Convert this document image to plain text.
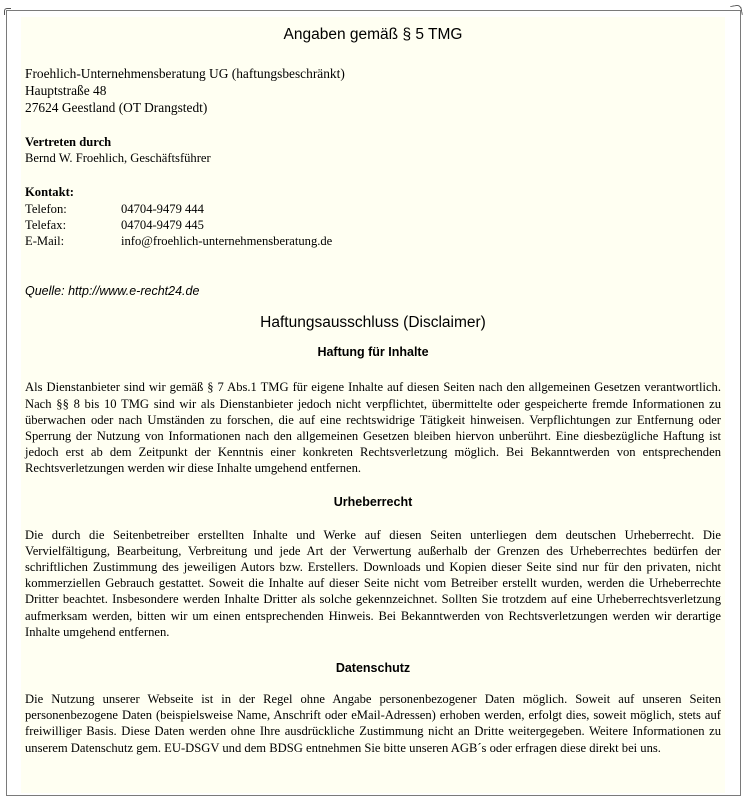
Angaben gemäß § 5 TMG
Froehlich-Unternehmensberatung UG (haftungsbeschränkt)
Hauptstraße 48
27624 Geestland (OT Drangstedt)
Vertreten durch
Bernd W. Froehlich, Geschäftsführer
Kontakt:
Telefon:	04704-9479 444
Telefax:	04704-9479 445
E-Mail:	info@froehlich-unternehmensberatung.de
Quelle: http://www.e-recht24.de
Haftungsausschluss (Disclaimer)
Haftung für Inhalte

Als Dienstanbieter sind wir gemäß § 7 Abs.1 TMG für eigene Inhalte auf diesen Seiten nach den allgemeinen Gesetzen verantwortlich. Nach §§ 8 bis 10 TMG sind wir als Dienstanbieter jedoch nicht verpflichtet, übermittelte oder gespeicherte fremde Informationen zu überwachen oder nach Umständen zu forschen, die auf eine rechtswidrige Tätigkeit hinweisen. Verpflichtungen zur Entfernung oder Sperrung der Nutzung von Informationen nach den allgemeinen Gesetzen bleiben hiervon unberührt. Eine diesbezügliche Haftung ist jedoch erst ab dem Zeitpunkt der Kenntnis einer konkreten Rechtsverletzung möglich. Bei Bekanntwerden von entsprechenden Rechtsverletzungen werden wir diese Inhalte umgehend entfernen.

Urheberrecht

Die durch die Seitenbetreiber erstellten Inhalte und Werke auf diesen Seiten unterliegen dem deutschen Urheberrecht. Die Vervielfältigung, Bearbeitung, Verbreitung und jede Art der Verwertung außerhalb der Grenzen des Urheberrechtes bedürfen der schriftlichen Zustimmung des jeweiligen Autors bzw. Erstellers. Downloads und Kopien dieser Seite sind nur für den privaten, nicht kommerziellen Gebrauch gestattet. Soweit die Inhalte auf dieser Seite nicht vom Betreiber erstellt wurden, werden die Urheberrechte Dritter beachtet. Insbesondere werden Inhalte Dritter als solche gekennzeichnet. Sollten Sie trotzdem auf eine Urheberrechtsverletzung aufmerksam werden, bitten wir um einen entsprechenden Hinweis. Bei Bekanntwerden von Rechtsverletzungen werden wir derartige Inhalte umgehend entfernen.

Datenschutz

Die Nutzung unserer Webseite ist in der Regel ohne Angabe personenbezogener Daten möglich. Soweit auf unseren Seiten personenbezogene Daten (beispielsweise Name, Anschrift oder eMail-Adressen) erhoben werden, erfolgt dies, soweit möglich, stets auf freiwilliger Basis. Diese Daten werden ohne Ihre ausdrückliche Zustimmung nicht an Dritte weitergegeben. Weitere Informationen zu unserem Datenschutz gem. EU-DSGV und dem BDSG entnehmen Sie bitte unseren AGB´s oder erfragen diese direkt bei uns.
